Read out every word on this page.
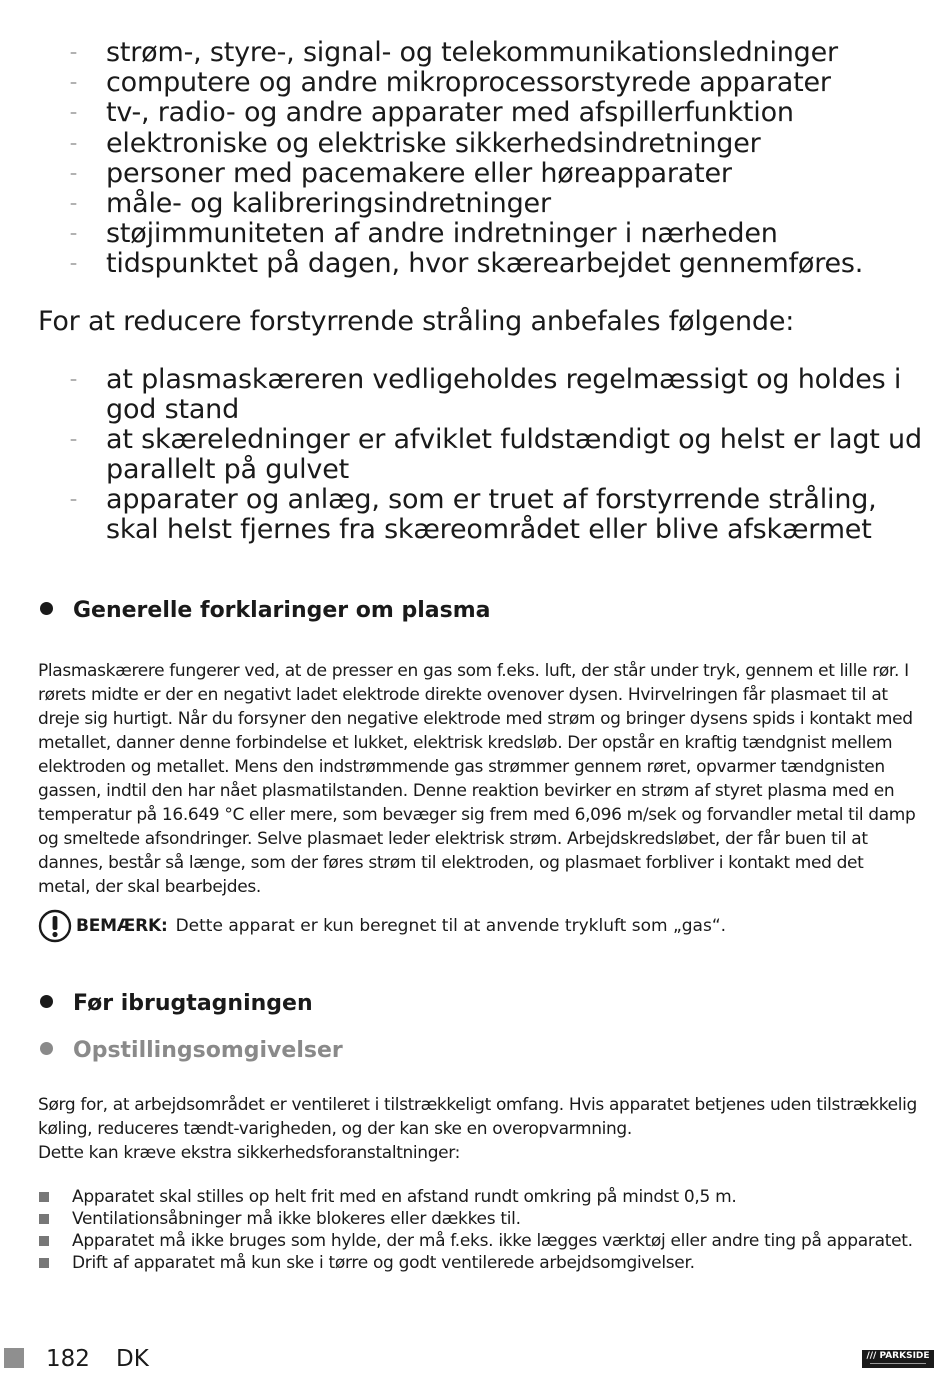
– strøm-, styre-, signal- og telekommunikationsledninger
– computere og andre mikroprocessorstyrede apparater
– tv-, radio- og andre apparater med afspillerfunktion
– elektroniske og elektriske sikkerhedsindretninger
– personer med pacemakere eller høreapparater
– måle- og kalibreringsindretninger
– støjimmuniteten af andre indretninger i nærheden
– tidspunktet på dagen, hvor skærearbejdet gennemføres.

For at reducere forstyrrende stråling anbefales følgende:

– at plasmaskæreren vedligeholdes regelmæssigt og holdes i god stand
– at skæreledninger er afviklet fuldstændigt og helst er lagt ud parallelt på gulvet
– apparater og anlæg, som er truet af forstyrrende stråling, skal helst fjernes fra skæreområdet eller blive afskærmet
Generelle forklaringer om plasma

Plasmaskærere fungerer ved, at de presser en gas som f.eks. luft, der står under tryk, gennem et lille rør. I rørets midte er der en negativt ladet elektrode direkte ovenover dysen. Hvirvelringen får plasmaet til at dreje sig hurtigt. Når du forsyner den negative elektrode med strøm og bringer dysens spids i kontakt med metallet, danner denne forbindelse et lukket, elektrisk kredsløb. Der opstår en kraftig tændgnist mellem elektroden og metallet. Mens den indstrømmende gas strømmer gennem røret, opvarmer tændgnisten gassen, indtil den har nået plasmatilstanden. Denne reaktion bevirker en strøm af styret plasma med en temperatur på 16.649 °C eller mere, som bevæger sig frem med 6,096 m/sek og forvandler metal til damp og smeltede afsondringer. Selve plasmaet leder elektrisk strøm. Arbejdskredsløbet, der får buen til at dannes, består så længe, som der føres strøm til elektroden, og plasmaet forbliver i kontakt med det metal, der skal bearbejdes.

BEMÆRK: Dette apparat er kun beregnet til at anvende trykluft som „gas“.
Før ibrugtagningen
Opstillingsomgivelser

Sørg for, at arbejdsområdet er ventileret i tilstrækkeligt omfang. Hvis apparatet betjenes uden tilstrækkelig køling, reduceres tændt-varigheden, og der kan ske en overopvarmning.
Dette kan kræve ekstra sikkerhedsforanstaltninger:

Apparatet skal stilles op helt frit med en afstand rundt omkring på mindst 0,5 m.
Ventilationsåbninger må ikke blokeres eller dækkes til.
Apparatet må ikke bruges som hylde, der må f.eks. ikke lægges værktøj eller andre ting på apparatet.
Drift af apparatet må kun ske i tørre og godt ventilerede arbejdsomgivelser.
182 DK	/// PARKSIDE
